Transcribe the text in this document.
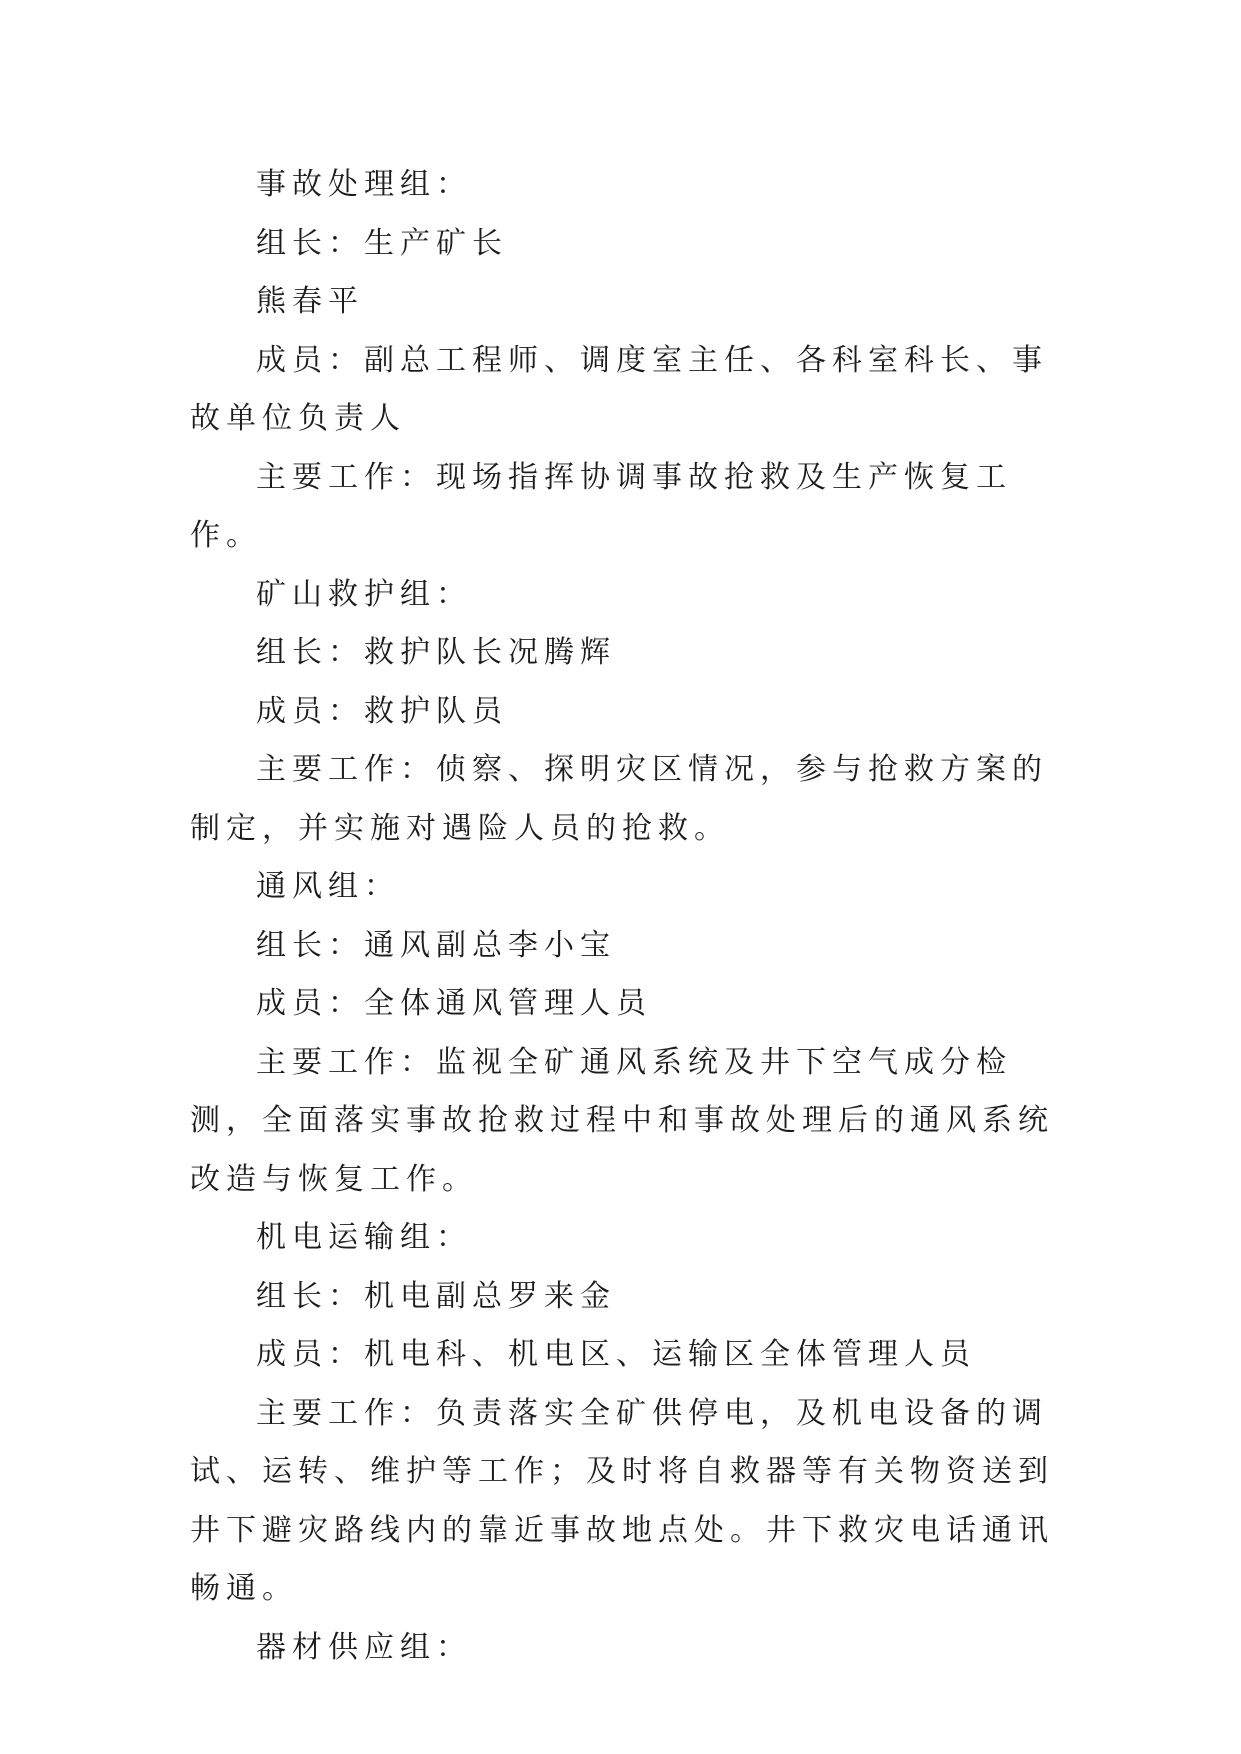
事故处理组：

组长：生产矿长

熊春平

成员：副总工程师、调度室主任、各科室科长、事故单位负责人

主要工作：现场指挥协调事故抢救及生产恢复工作。

矿山救护组：

组长：救护队长况腾辉

成员：救护队员

主要工作：侦察、探明灾区情况，参与抢救方案的制定，并实施对遇险人员的抢救。

通风组：

组长：通风副总李小宝

成员：全体通风管理人员

主要工作：监视全矿通风系统及井下空气成分检测，全面落实事故抢救过程中和事故处理后的通风系统改造与恢复工作。

机电运输组：

组长：机电副总罗来金

成员：机电科、机电区、运输区全体管理人员

主要工作：负责落实全矿供停电，及机电设备的调试、运转、维护等工作；及时将自救器等有关物资送到井下避灾路线内的靠近事故地点处。井下救灾电话通讯畅通。

器材供应组：
